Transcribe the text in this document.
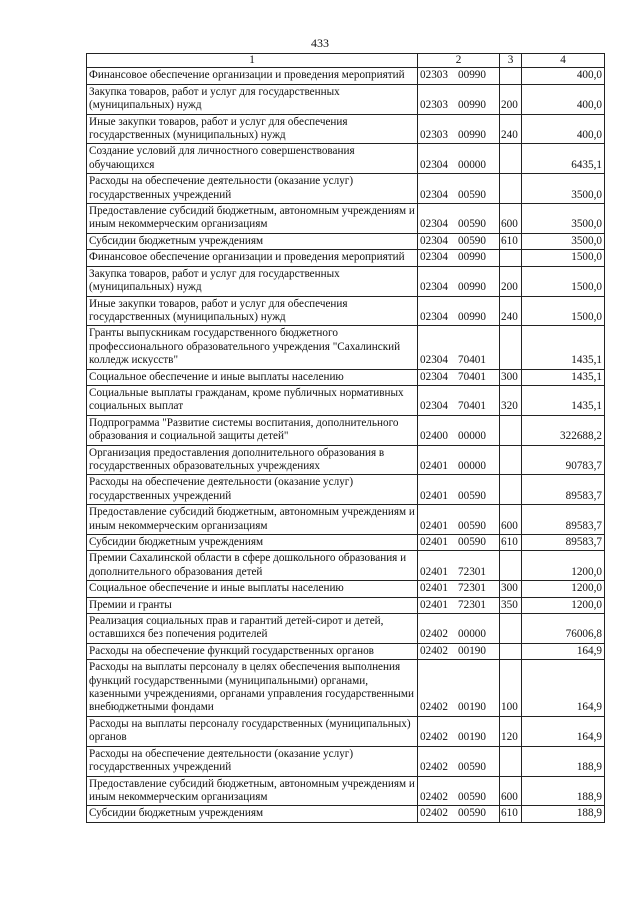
433
1	2	3	4
Финансовое обеспечение организации и проведения мероприятий	02303 00990		400,0
Закупка товаров, работ и услуг для государственных (муниципальных) нужд	02303 00990	200	400,0
Иные закупки товаров, работ и услуг для обеспечения государственных (муниципальных) нужд	02303 00990	240	400,0
Создание условий для личностного совершенствования обучающихся	02304 00000		6435,1
Расходы на обеспечение деятельности (оказание услуг) государственных учреждений	02304 00590		3500,0
Предоставление субсидий бюджетным, автономным учреждениям и иным некоммерческим организациям	02304 00590	600	3500,0
Субсидии бюджетным учреждениям	02304 00590	610	3500,0
Финансовое обеспечение организации и проведения мероприятий	02304 00990		1500,0
Закупка товаров, работ и услуг для государственных (муниципальных) нужд	02304 00990	200	1500,0
Иные закупки товаров, работ и услуг для обеспечения государственных (муниципальных) нужд	02304 00990	240	1500,0
Гранты выпускникам государственного бюджетного профессионального образовательного учреждения "Сахалинский колледж искусств"	02304 70401		1435,1
Социальное обеспечение и иные выплаты населению	02304 70401	300	1435,1
Социальные выплаты гражданам, кроме публичных нормативных социальных выплат	02304 70401	320	1435,1
Подпрограмма "Развитие системы воспитания, дополнительного образования и социальной защиты детей"	02400 00000		322688,2
Организация предоставления дополнительного образования в государственных образовательных учреждениях	02401 00000		90783,7
Расходы на обеспечение деятельности (оказание услуг) государственных учреждений	02401 00590		89583,7
Предоставление субсидий бюджетным, автономным учреждениям и иным некоммерческим организациям	02401 00590	600	89583,7
Субсидии бюджетным учреждениям	02401 00590	610	89583,7
Премии Сахалинской области в сфере дошкольного образования и дополнительного образования детей	02401 72301		1200,0
Социальное обеспечение и иные выплаты населению	02401 72301	300	1200,0
Премии и гранты	02401 72301	350	1200,0
Реализация социальных прав и гарантий детей-сирот и детей, оставшихся без попечения родителей	02402 00000		76006,8
Расходы на обеспечение функций государственных органов	02402 00190		164,9
Расходы на выплаты персоналу в целях обеспечения выполнения функций государственными (муниципальными) органами, казенными учреждениями, органами управления государственными внебюджетными фондами	02402 00190	100	164,9
Расходы на выплаты персоналу государственных (муниципальных) органов	02402 00190	120	164,9
Расходы на обеспечение деятельности (оказание услуг) государственных учреждений	02402 00590		188,9
Предоставление субсидий бюджетным, автономным учреждениям и иным некоммерческим организациям	02402 00590	600	188,9
Субсидии бюджетным учреждениям	02402 00590	610	188,9
